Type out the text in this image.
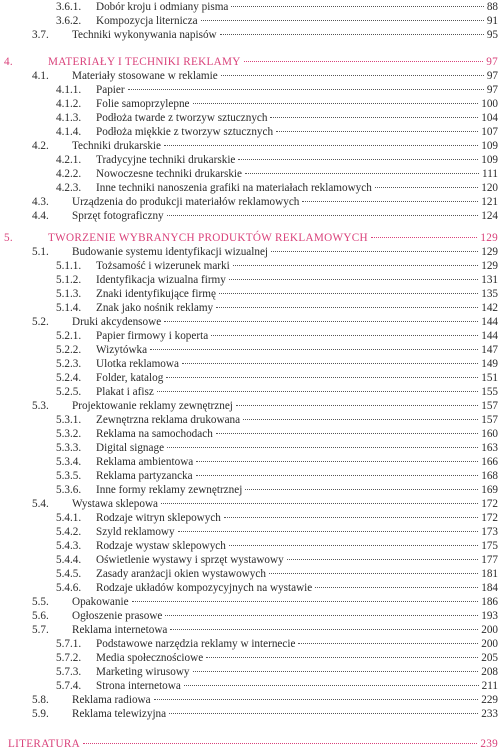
3.6.1.	Dobór kroju i odmiany pisma	88
3.6.2.	Kompozycja liternicza	91
3.7.	Techniki wykonywania napisów	95
4.	MATERIAŁY I TECHNIKI REKLAMY	97
4.1.	Materiały stosowane w reklamie	97
4.1.1.	Papier	97
4.1.2.	Folie samoprzylepne	100
4.1.3.	Podłoża twarde z tworzyw sztucznych	104
4.1.4.	Podłoża miękkie z tworzyw sztucznych	107
4.2.	Techniki drukarskie	109
4.2.1.	Tradycyjne techniki drukarskie	109
4.2.2.	Nowoczesne techniki drukarskie	111
4.2.3.	Inne techniki nanoszenia grafiki na materiałach reklamowych	120
4.3.	Urządzenia do produkcji materiałów reklamowych	121
4.4.	Sprzęt fotograficzny	124
5.	TWORZENIE WYBRANYCH PRODUKTÓW REKLAMOWYCH	129
5.1.	Budowanie systemu identyfikacji wizualnej	129
5.1.1.	Tożsamość i wizerunek marki	129
5.1.2.	Identyfikacja wizualna firmy	131
5.1.3.	Znaki identyfikujące firmę	135
5.1.4.	Znak jako nośnik reklamy	142
5.2.	Druki akcydensowe	144
5.2.1.	Papier firmowy i koperta	144
5.2.2.	Wizytówka	147
5.2.3.	Ulotka reklamowa	149
5.2.4.	Folder, katalog	151
5.2.5.	Plakat i afisz	155
5.3.	Projektowanie reklamy zewnętrznej	157
5.3.1.	Zewnętrzna reklama drukowana	157
5.3.2.	Reklama na samochodach	160
5.3.3.	Digital signage	163
5.3.4.	Reklama ambientowa	166
5.3.5.	Reklama partyzancka	168
5.3.6.	Inne formy reklamy zewnętrznej	169
5.4.	Wystawa sklepowa	172
5.4.1.	Rodzaje witryn sklepowych	172
5.4.2.	Szyld reklamowy	173
5.4.3.	Rodzaje wystaw sklepowych	175
5.4.4.	Oświetlenie wystawy i sprzęt wystawowy	177
5.4.5.	Zasady aranżacji okien wystawowych	181
5.4.6.	Rodzaje układów kompozycyjnych na wystawie	184
5.5.	Opakowanie	186
5.6.	Ogłoszenie prasowe	193
5.7.	Reklama internetowa	200
5.7.1.	Podstawowe narzędzia reklamy w internecie	200
5.7.2.	Media społecznościowe	205
5.7.3.	Marketing wirusowy	208
5.7.4.	Strona internetowa	211
5.8.	Reklama radiowa	229
5.9.	Reklama telewizyjna	233
LITERATURA	239
